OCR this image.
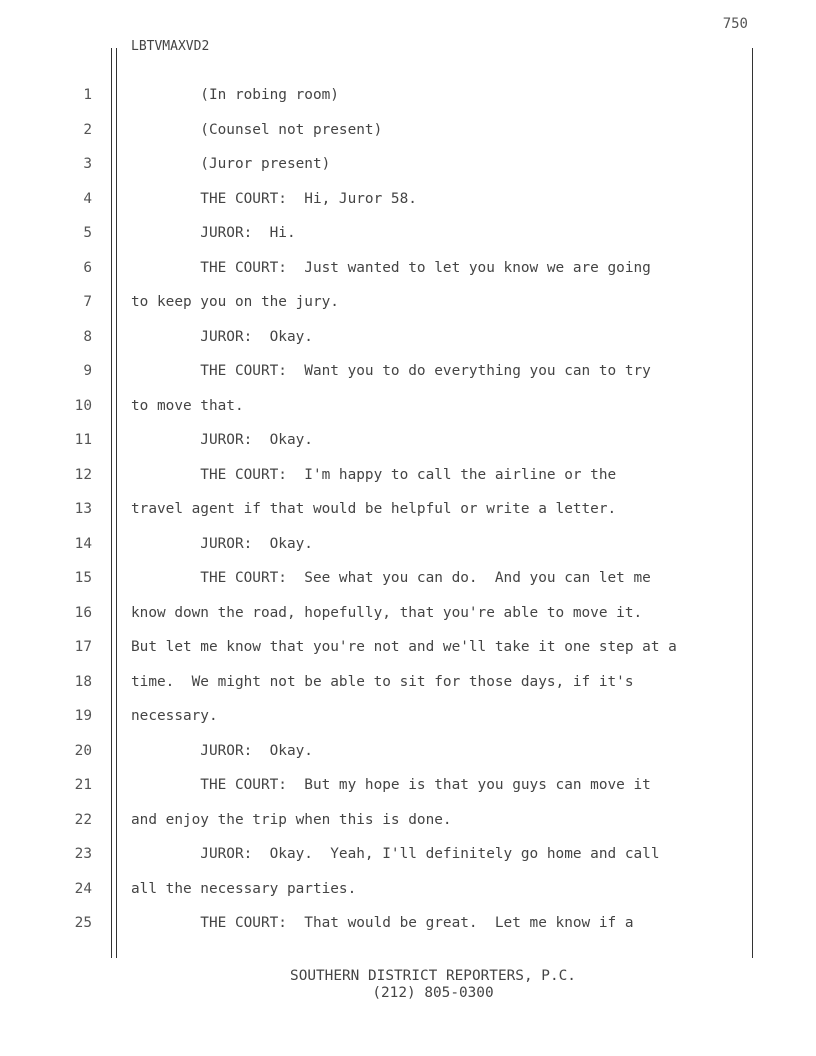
750
LBTVMAXVD2
1	(In robing room)
2	(Counsel not present)
3	(Juror present)
4	THE COURT:  Hi, Juror 58.
5	JUROR:  Hi.
6	THE COURT:  Just wanted to let you know we are going
7	to keep you on the jury.
8	JUROR:  Okay.
9	THE COURT:  Want you to do everything you can to try
10	to move that.
11	JUROR:  Okay.
12	THE COURT:  I'm happy to call the airline or the
13	travel agent if that would be helpful or write a letter.
14	JUROR:  Okay.
15	THE COURT:  See what you can do.  And you can let me
16	know down the road, hopefully, that you're able to move it.
17	But let me know that you're not and we'll take it one step at a
18	time.  We might not be able to sit for those days, if it's
19	necessary.
20	JUROR:  Okay.
21	THE COURT:  But my hope is that you guys can move it
22	and enjoy the trip when this is done.
23	JUROR:  Okay.  Yeah, I'll definitely go home and call
24	all the necessary parties.
25	THE COURT:  That would be great.  Let me know if a
SOUTHERN DISTRICT REPORTERS, P.C.
(212) 805-0300
